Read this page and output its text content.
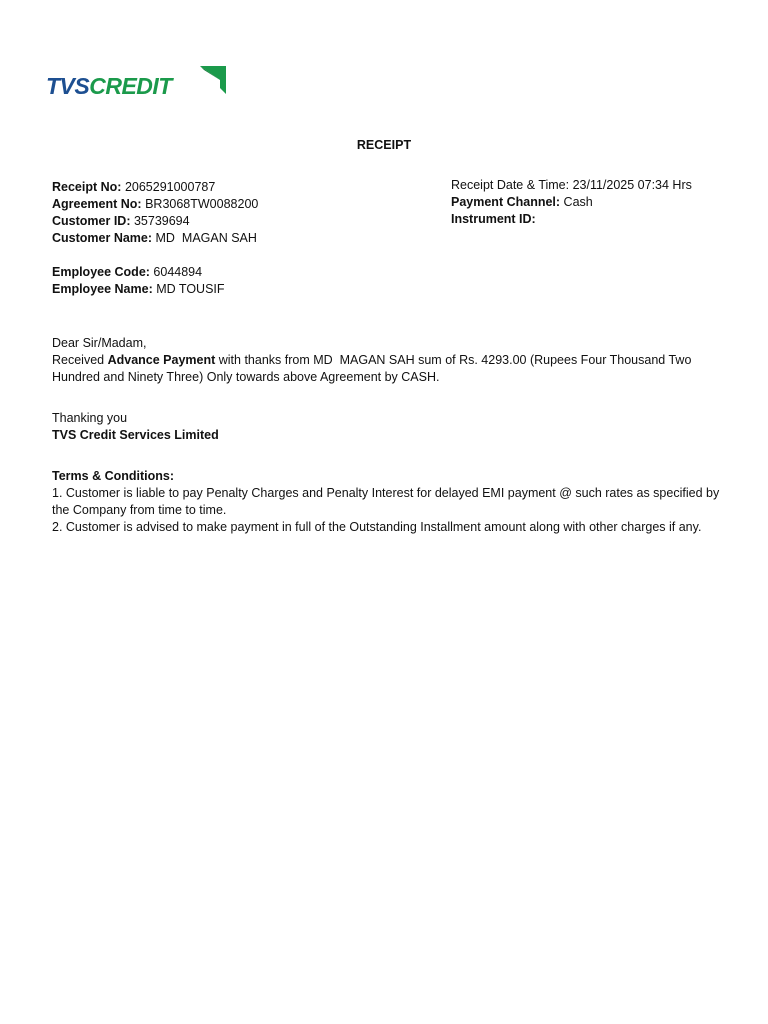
TVSCREDIT
RECEIPT
Receipt No: 2065291000787
Agreement No: BR3068TW0088200
Customer ID: 35739694
Customer Name: MD  MAGAN SAH
Employee Code: 6044894
Employee Name: MD TOUSIF
Receipt Date & Time: 23/11/2025 07:34 Hrs
Payment Channel: Cash
Instrument ID:

Dear Sir/Madam,

Received Advance Payment with thanks from MD  MAGAN SAH sum of Rs. 4293.00 (Rupees Four Thousand Two Hundred and Ninety Three) Only towards above Agreement by CASH.

Thanking you

TVS Credit Services Limited

Terms & Conditions:

1. Customer is liable to pay Penalty Charges and Penalty Interest for delayed EMI payment @ such rates as specified by the Company from time to time.

2. Customer is advised to make payment in full of the Outstanding Installment amount along with other charges if any.
